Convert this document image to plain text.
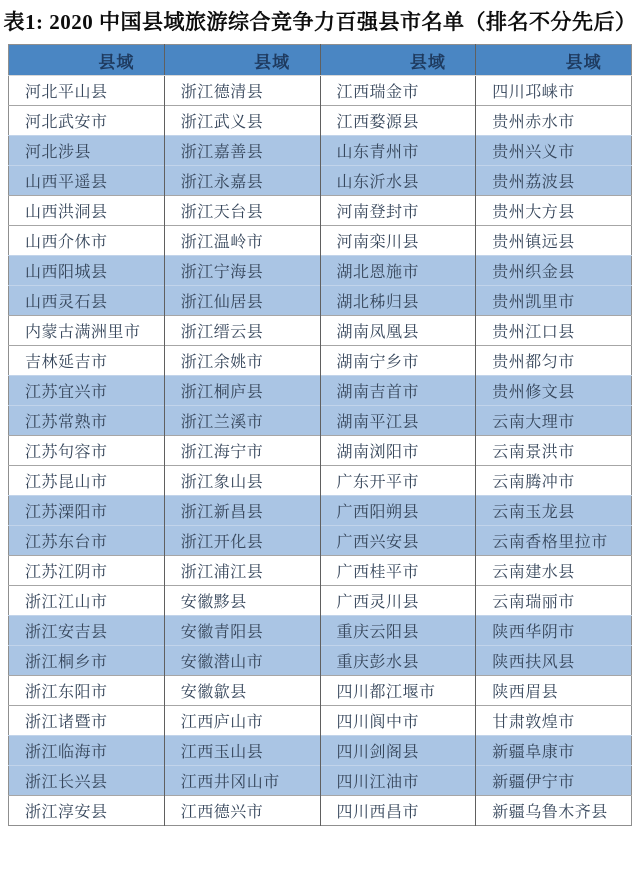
表1: 2020 中国县域旅游综合竞争力百强县市名单（排名不分先后）
县域	县域	县域	县域
河北平山县	浙江德清县	江西瑞金市	四川邛崃市
河北武安市	浙江武义县	江西婺源县	贵州赤水市
河北涉县	浙江嘉善县	山东青州市	贵州兴义市
山西平遥县	浙江永嘉县	山东沂水县	贵州荔波县
山西洪洞县	浙江天台县	河南登封市	贵州大方县
山西介休市	浙江温岭市	河南栾川县	贵州镇远县
山西阳城县	浙江宁海县	湖北恩施市	贵州织金县
山西灵石县	浙江仙居县	湖北秭归县	贵州凯里市
内蒙古满洲里市	浙江缙云县	湖南凤凰县	贵州江口县
吉林延吉市	浙江余姚市	湖南宁乡市	贵州都匀市
江苏宜兴市	浙江桐庐县	湖南吉首市	贵州修文县
江苏常熟市	浙江兰溪市	湖南平江县	云南大理市
江苏句容市	浙江海宁市	湖南浏阳市	云南景洪市
江苏昆山市	浙江象山县	广东开平市	云南腾冲市
江苏溧阳市	浙江新昌县	广西阳朔县	云南玉龙县
江苏东台市	浙江开化县	广西兴安县	云南香格里拉市
江苏江阴市	浙江浦江县	广西桂平市	云南建水县
浙江江山市	安徽黟县	广西灵川县	云南瑞丽市
浙江安吉县	安徽青阳县	重庆云阳县	陕西华阴市
浙江桐乡市	安徽潜山市	重庆彭水县	陕西扶风县
浙江东阳市	安徽歙县	四川都江堰市	陕西眉县
浙江诸暨市	江西庐山市	四川阆中市	甘肃敦煌市
浙江临海市	江西玉山县	四川剑阁县	新疆阜康市
浙江长兴县	江西井冈山市	四川江油市	新疆伊宁市
浙江淳安县	江西德兴市	四川西昌市	新疆乌鲁木齐县
